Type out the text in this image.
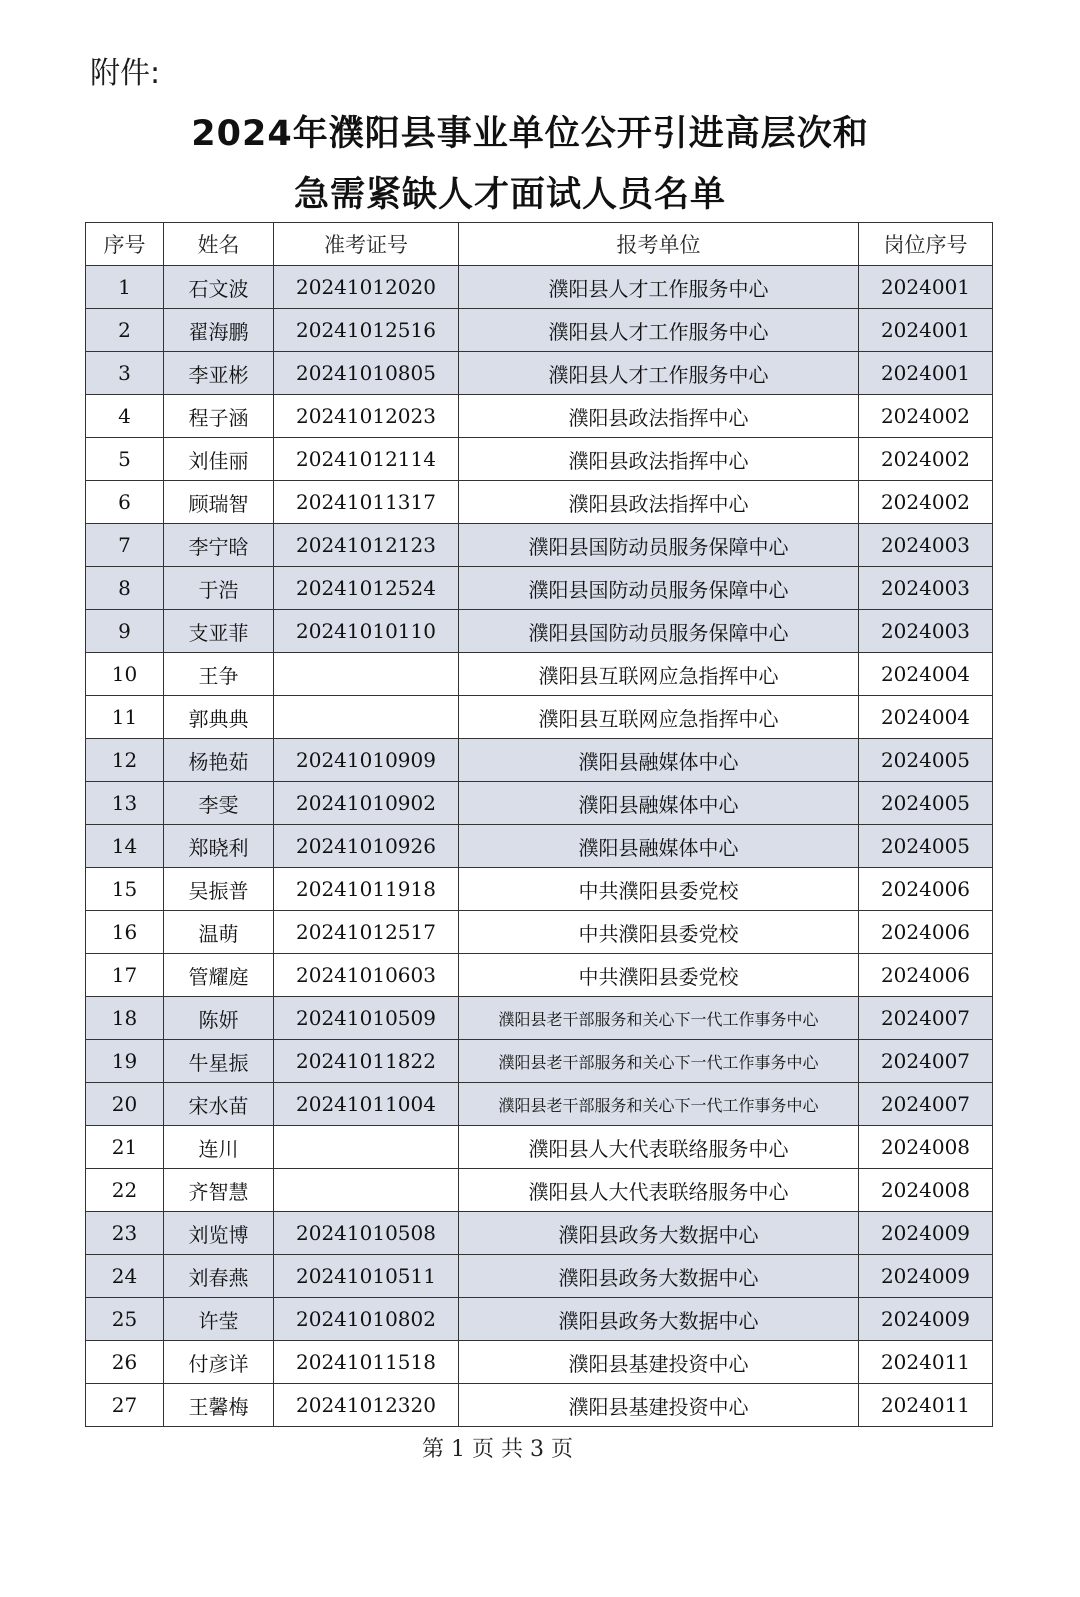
附件:
2024年濮阳县事业单位公开引进高层次和
急需紧缺人才面试人员名单
序号	姓名	准考证号	报考单位	岗位序号
1	石文波	20241012020	濮阳县人才工作服务中心	2024001
2	翟海鹏	20241012516	濮阳县人才工作服务中心	2024001
3	李亚彬	20241010805	濮阳县人才工作服务中心	2024001
4	程子涵	20241012023	濮阳县政法指挥中心	2024002
5	刘佳丽	20241012114	濮阳县政法指挥中心	2024002
6	顾瑞智	20241011317	濮阳县政法指挥中心	2024002
7	李宁晗	20241012123	濮阳县国防动员服务保障中心	2024003
8	于浩	20241012524	濮阳县国防动员服务保障中心	2024003
9	支亚菲	20241010110	濮阳县国防动员服务保障中心	2024003
10	王争		濮阳县互联网应急指挥中心	2024004
11	郭典典		濮阳县互联网应急指挥中心	2024004
12	杨艳茹	20241010909	濮阳县融媒体中心	2024005
13	李雯	20241010902	濮阳县融媒体中心	2024005
14	郑晓利	20241010926	濮阳县融媒体中心	2024005
15	吴振普	20241011918	中共濮阳县委党校	2024006
16	温萌	20241012517	中共濮阳县委党校	2024006
17	管耀庭	20241010603	中共濮阳县委党校	2024006
18	陈妍	20241010509	濮阳县老干部服务和关心下一代工作事务中心	2024007
19	牛星振	20241011822	濮阳县老干部服务和关心下一代工作事务中心	2024007
20	宋水苗	20241011004	濮阳县老干部服务和关心下一代工作事务中心	2024007
21	连川		濮阳县人大代表联络服务中心	2024008
22	齐智慧		濮阳县人大代表联络服务中心	2024008
23	刘览博	20241010508	濮阳县政务大数据中心	2024009
24	刘春燕	20241010511	濮阳县政务大数据中心	2024009
25	许莹	20241010802	濮阳县政务大数据中心	2024009
26	付彦详	20241011518	濮阳县基建投资中心	2024011
27	王馨梅	20241012320	濮阳县基建投资中心	2024011
第 1 页 共 3 页
